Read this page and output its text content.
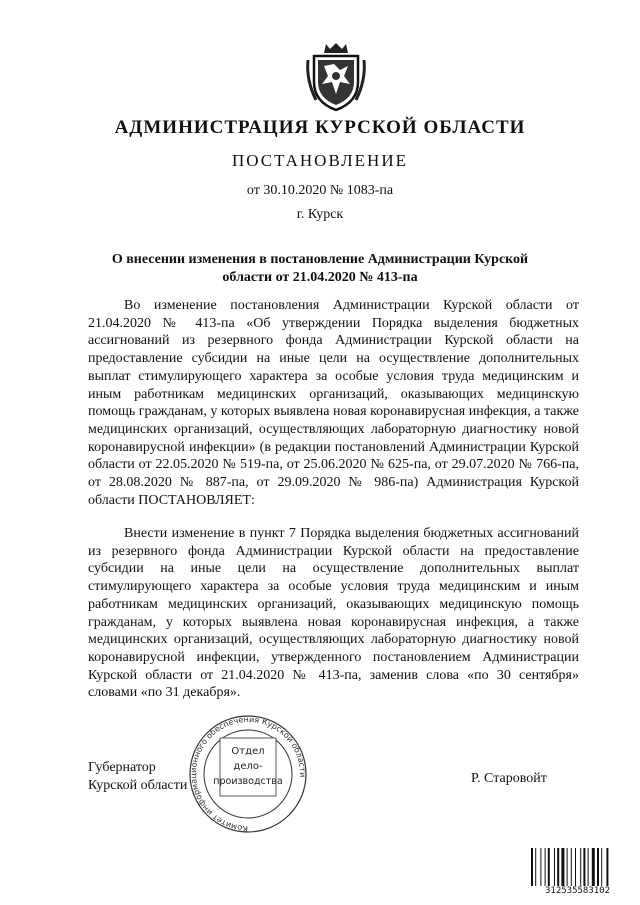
АДМИНИСТРАЦИЯ КУРСКОЙ ОБЛАСТИ
ПОСТАНОВЛЕНИЕ
от 30.10.2020 № 1083-па
г. Курск
О внесении изменения в постановление Администрации Курской
области от 21.04.2020 № 413-па

Во изменение постановления Администрации Курской области от 21.04.2020 № 413-па «Об утверждении Порядка выделения бюджетных ассигнований из резервного фонда Администрации Курской области на предоставление субсидии на иные цели на осуществление дополнительных выплат стимулирующего характера за особые условия труда медицинским и иным работникам медицинских организаций, оказывающих медицинскую помощь гражданам, у которых выявлена новая коронавирусная инфекция, а также медицинских организаций, осуществляющих лабораторную диагностику новой коронавирусной инфекции» (в редакции постановлений Администрации Курской области от 22.05.2020 № 519-па, от 25.06.2020 № 625-па, от 29.07.2020 № 766-па, от 28.08.2020 № 887-па, от 29.09.2020 № 986-па) Администрация Курской области ПОСТАНОВЛЯЕТ:

Внести изменение в пункт 7 Порядка выделения бюджетных ассигнований из резервного фонда Администрации Курской области на предоставление субсидии на иные цели на осуществление дополнительных выплат стимулирующего характера за особые условия труда медицинским и иным работникам медицинских организаций, оказывающих медицинскую помощь гражданам, у которых выявлена новая коронавирусная инфекция, а также медицинских организаций, осуществляющих лабораторную диагностику новой коронавирусной инфекции, утвержденного постановлением Администрации Курской области от 21.04.2020 № 413-па, заменив слова «по 30 сентября» словами «по 31 декабря».

Комитет информационного обеспечения Курской области
Отдел
дело-
производства
Губернатор
Курской области	Р. Старовойт
312535583102
